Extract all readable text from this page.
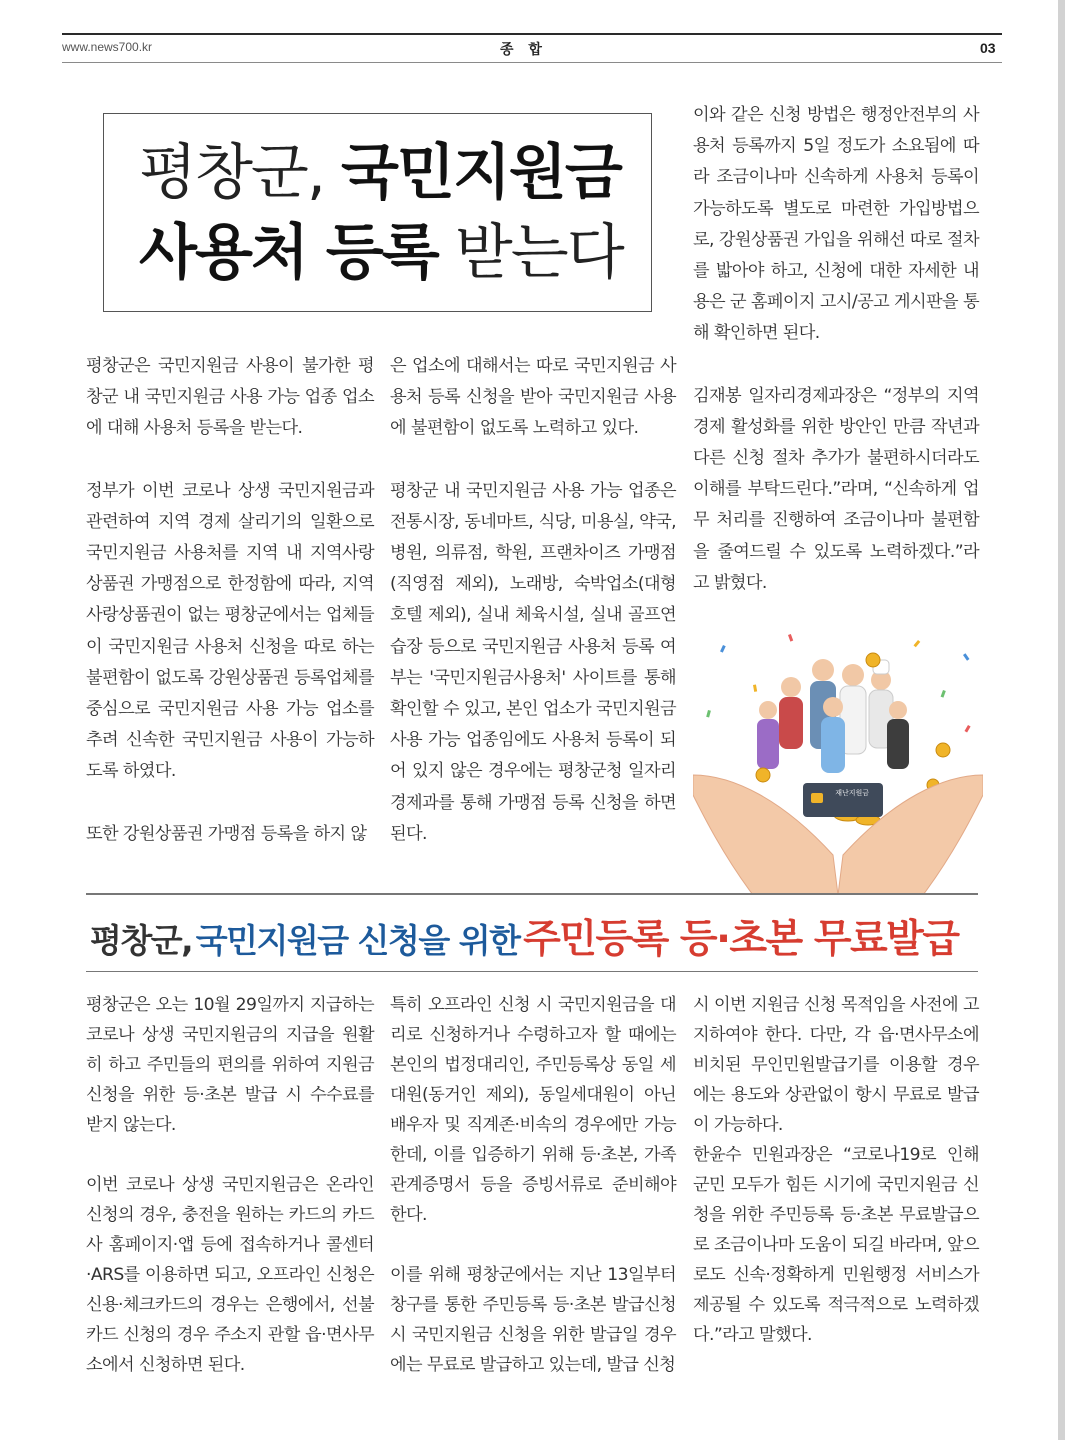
www.news700.kr	종 합	03
평창군, 국민지원금
사용처 등록 받는다

평창군은 국민지원금 사용이 불가한 평창군 내 국민지원금 사용 가능 업종 업소에 대해 사용처 등록을 받는다.

정부가 이번 코로나 상생 국민지원금과 관련하여 지역 경제 살리기의 일환으로 국민지원금 사용처를 지역 내 지역사랑상품권 가맹점으로 한정함에 따라, 지역사랑상품권이 없는 평창군에서는 업체들이 국민지원금 사용처 신청을 따로 하는 불편함이 없도록 강원상품권 등록업체를 중심으로 국민지원금 사용 가능 업소를 추려 신속한 국민지원금 사용이 가능하도록 하였다.

또한 강원상품권 가맹점 등록을 하지 않

은 업소에 대해서는 따로 국민지원금 사용처 등록 신청을 받아 국민지원금 사용에 불편함이 없도록 노력하고 있다.

평창군 내 국민지원금 사용 가능 업종은 전통시장, 동네마트, 식당, 미용실, 약국, 병원, 의류점, 학원, 프랜차이즈 가맹점(직영점 제외), 노래방, 숙박업소(대형 호텔 제외), 실내 체육시설, 실내 골프연습장 등으로 국민지원금 사용처 등록 여부는 '국민지원금사용처' 사이트를 통해 확인할 수 있고, 본인 업소가 국민지원금 사용 가능 업종임에도 사용처 등록이 되어 있지 않은 경우에는 평창군청 일자리경제과를 통해 가맹점 등록 신청을 하면 된다.

이와 같은 신청 방법은 행정안전부의 사용처 등록까지 5일 정도가 소요됨에 따라 조금이나마 신속하게 사용처 등록이 가능하도록 별도로 마련한 가입방법으로, 강원상품권 가입을 위해선 따로 절차를 밟아야 하고, 신청에 대한 자세한 내용은 군 홈페이지 고시/공고 게시판을 통해 확인하면 된다.

김재봉 일자리경제과장은 “정부의 지역경제 활성화를 위한 방안인 만큼 작년과 다른 신청 절차 추가가 불편하시더라도 이해를 부탁드린다.”라며, “신속하게 업무 처리를 진행하여 조금이나마 불편함을 줄여드릴 수 있도록 노력하겠다.”라고 밝혔다.

재난지원금
평창군, 국민지원금 신청을 위한 주민등록 등·초본 무료발급

평창군은 오는 10월 29일까지 지급하는 코로나 상생 국민지원금의 지급을 원활히 하고 주민들의 편의를 위하여 지원금 신청을 위한 등·초본 발급 시 수수료를 받지 않는다.

이번 코로나 상생 국민지원금은 온라인 신청의 경우, 충전을 원하는 카드의 카드사 홈페이지·앱 등에 접속하거나 콜센터·ARS를 이용하면 되고, 오프라인 신청은 신용·체크카드의 경우는 은행에서, 선불카드 신청의 경우 주소지 관할 읍·면사무소에서 신청하면 된다.

특히 오프라인 신청 시 국민지원금을 대리로 신청하거나 수령하고자 할 때에는 본인의 법정대리인, 주민등록상 동일 세대원(동거인 제외), 동일세대원이 아닌 배우자 및 직계존·비속의 경우에만 가능한데, 이를 입증하기 위해 등·초본, 가족관계증명서 등을 증빙서류로 준비해야 한다.

이를 위해 평창군에서는 지난 13일부터 창구를 통한 주민등록 등·초본 발급신청 시 국민지원금 신청을 위한 발급일 경우에는 무료로 발급하고 있는데, 발급 신청

시 이번 지원금 신청 목적임을 사전에 고지하여야 한다. 다만, 각 읍·면사무소에 비치된 무인민원발급기를 이용할 경우에는 용도와 상관없이 항시 무료로 발급이 가능하다.

한윤수 민원과장은 “코로나19로 인해 군민 모두가 힘든 시기에 국민지원금 신청을 위한 주민등록 등·초본 무료발급으로 조금이나마 도움이 되길 바라며, 앞으로도 신속·정확하게 민원행정 서비스가 제공될 수 있도록 적극적으로 노력하겠다.”라고 말했다.
